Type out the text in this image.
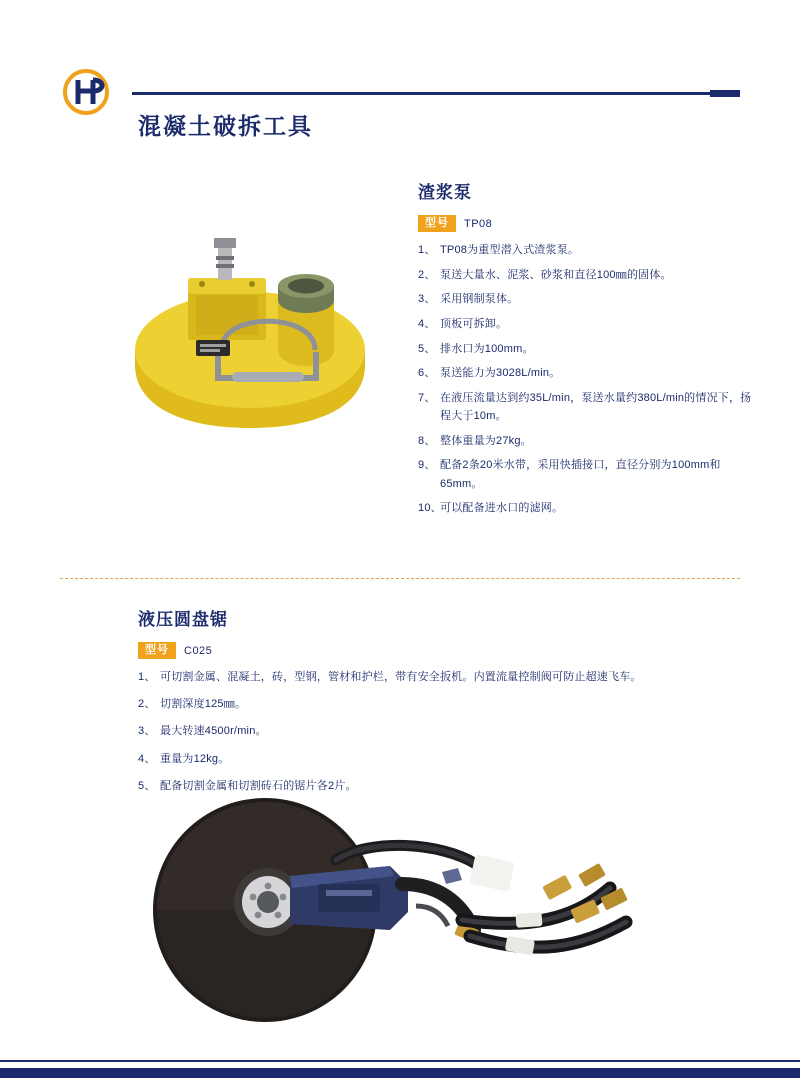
混凝土破拆工具
渣浆泵
型号	TP08
1、 TP08为重型潜入式渣浆泵。
2、 泵送大量水、泥浆、砂浆和直径100㎜的固体。
3、 采用钢制泵体。
4、 顶板可拆卸。
5、 排水口为100mm。
6、 泵送能力为3028L/min。
7、 在液压流量达到约35L/min，泵送水量约380L/min的情况下，扬程大于10m。
8、 整体重量为27kg。
9、 配备2条20米水带，采用快插接口，直径分别为100mm和65mm。
10、
可以配备进水口的滤网。
液压圆盘锯
型号	C025
1、 可切割金属、混凝土，砖，型钢，管材和护栏，带有安全扳机。内置流量控制阀可防止超速飞车。
2、 切割深度125㎜。
3、 最大转速4500r/min。
4、 重量为12kg。
5、 配备切割金属和切割砖石的锯片各2片。
